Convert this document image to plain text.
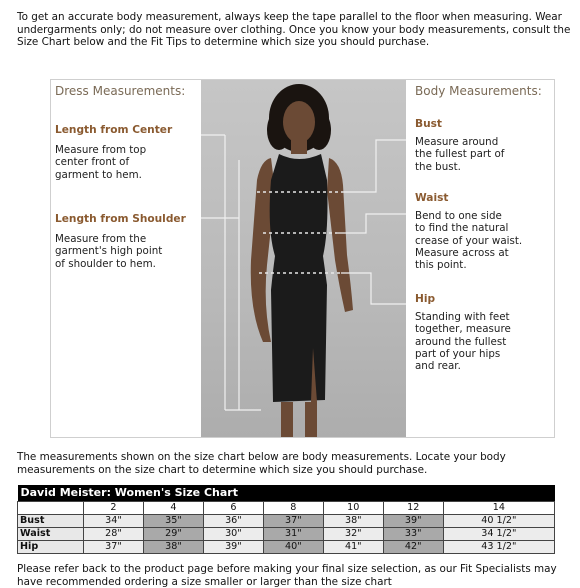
To get an accurate body measurement, always keep the tape parallel to the floor when measuring. Wear undergarments only; do not measure over clothing. Once you know your body measurements, consult the Size Chart below and the Fit Tips to determine which size you should purchase.
Dress Measurements:
Length from Center
Measure from top
center front of
garment to hem.
Length from Shoulder
Measure from the
garment's high point
of shoulder to hem.
Body Measurements:
Bust
Measure around
the fullest part of
the bust.
Waist
Bend to one side
to find the natural
crease of your waist.
Measure across at
this point.
Hip
Standing with feet
together, measure
around the fullest
part of your hips
and rear.
The measurements shown on the size chart below are body measurements. Locate your body measurements on the size chart to determine which size you should purchase.
David Meister: Women's Size Chart							
	2	4	6	8	10	12	14
Bust	34"	35"	36"	37"	38"	39"	40 1/2"
Waist	28"	29"	30"	31"	32"	33"	34 1/2"
Hip	37"	38"	39"	40"	41"	42"	43 1/2"
Please refer back to the product page before making your final size selection, as our Fit Specialists may have recommended ordering a size smaller or larger than the size chart
